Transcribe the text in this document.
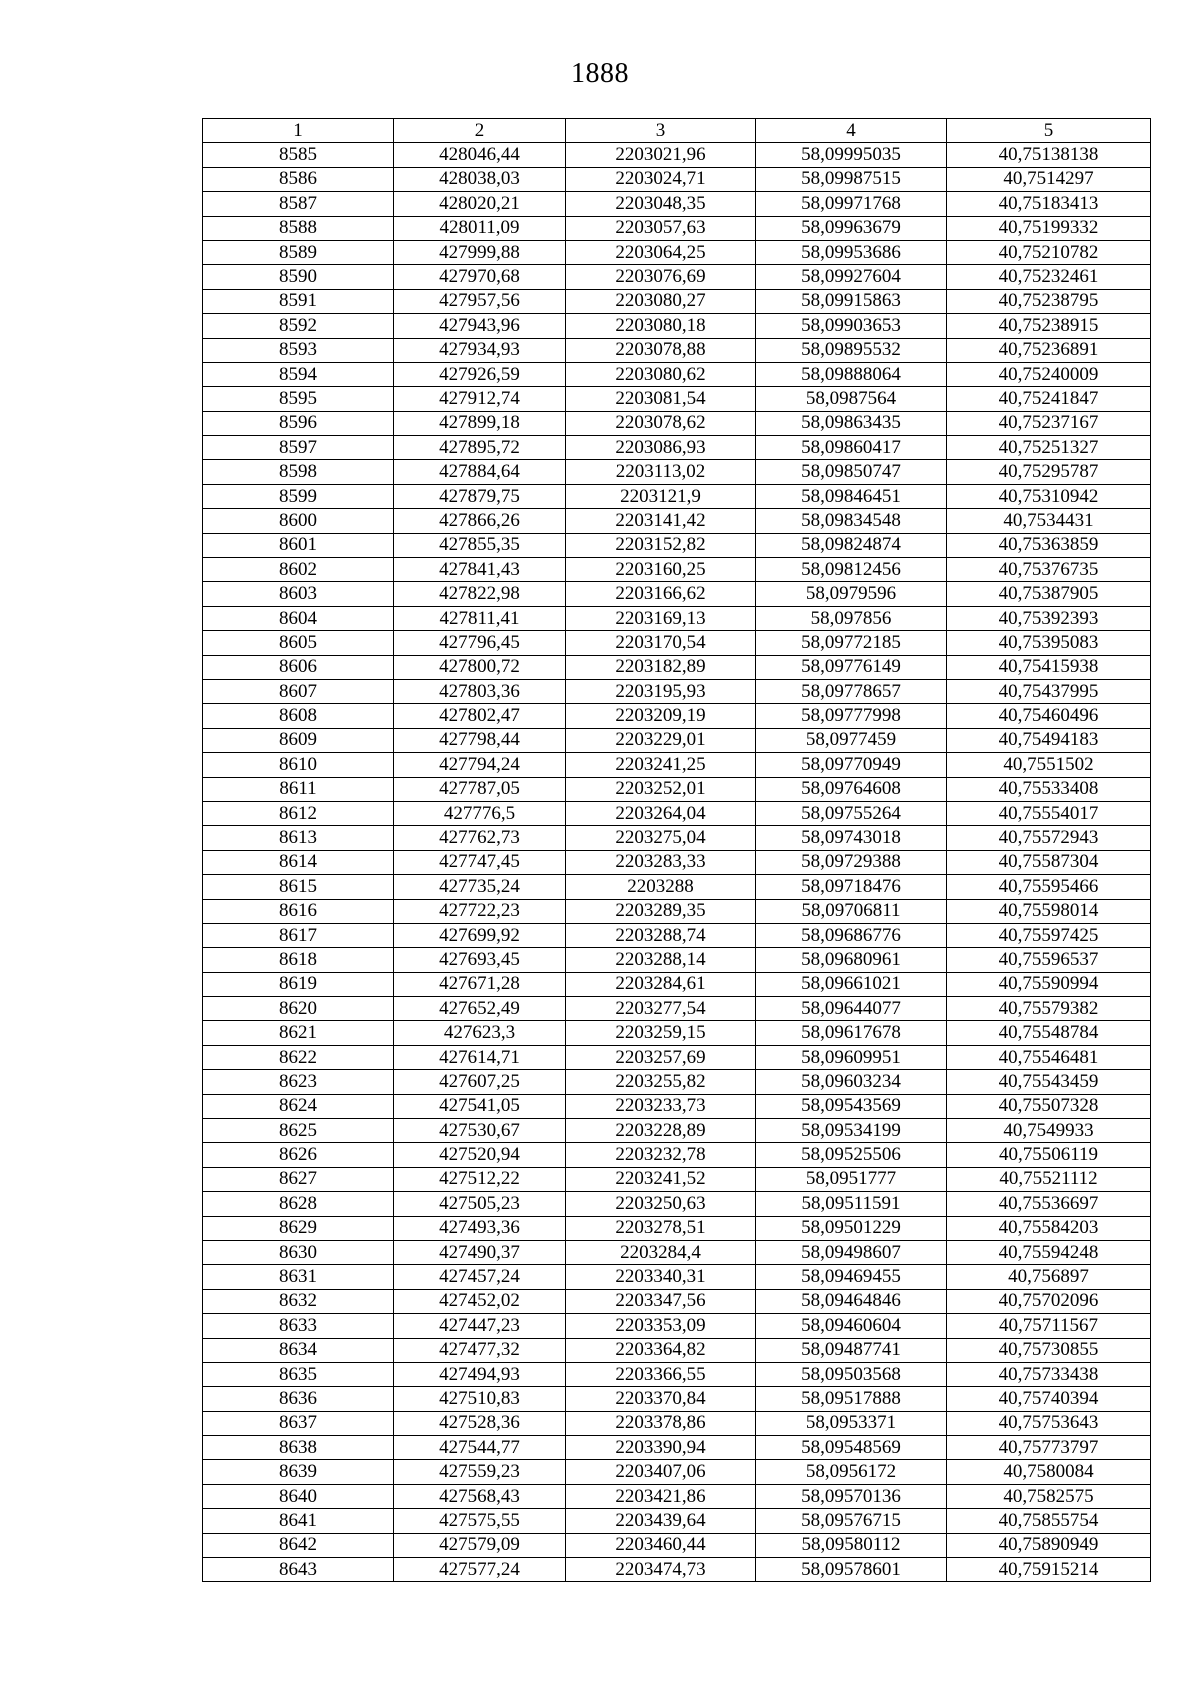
1888
1	2	3	4	5
8585	428046,44	2203021,96	58,09995035	40,75138138
8586	428038,03	2203024,71	58,09987515	40,7514297
8587	428020,21	2203048,35	58,09971768	40,75183413
8588	428011,09	2203057,63	58,09963679	40,75199332
8589	427999,88	2203064,25	58,09953686	40,75210782
8590	427970,68	2203076,69	58,09927604	40,75232461
8591	427957,56	2203080,27	58,09915863	40,75238795
8592	427943,96	2203080,18	58,09903653	40,75238915
8593	427934,93	2203078,88	58,09895532	40,75236891
8594	427926,59	2203080,62	58,09888064	40,75240009
8595	427912,74	2203081,54	58,0987564	40,75241847
8596	427899,18	2203078,62	58,09863435	40,75237167
8597	427895,72	2203086,93	58,09860417	40,75251327
8598	427884,64	2203113,02	58,09850747	40,75295787
8599	427879,75	2203121,9	58,09846451	40,75310942
8600	427866,26	2203141,42	58,09834548	40,7534431
8601	427855,35	2203152,82	58,09824874	40,75363859
8602	427841,43	2203160,25	58,09812456	40,75376735
8603	427822,98	2203166,62	58,0979596	40,75387905
8604	427811,41	2203169,13	58,097856	40,75392393
8605	427796,45	2203170,54	58,09772185	40,75395083
8606	427800,72	2203182,89	58,09776149	40,75415938
8607	427803,36	2203195,93	58,09778657	40,75437995
8608	427802,47	2203209,19	58,09777998	40,75460496
8609	427798,44	2203229,01	58,0977459	40,75494183
8610	427794,24	2203241,25	58,09770949	40,7551502
8611	427787,05	2203252,01	58,09764608	40,75533408
8612	427776,5	2203264,04	58,09755264	40,75554017
8613	427762,73	2203275,04	58,09743018	40,75572943
8614	427747,45	2203283,33	58,09729388	40,75587304
8615	427735,24	2203288	58,09718476	40,75595466
8616	427722,23	2203289,35	58,09706811	40,75598014
8617	427699,92	2203288,74	58,09686776	40,75597425
8618	427693,45	2203288,14	58,09680961	40,75596537
8619	427671,28	2203284,61	58,09661021	40,75590994
8620	427652,49	2203277,54	58,09644077	40,75579382
8621	427623,3	2203259,15	58,09617678	40,75548784
8622	427614,71	2203257,69	58,09609951	40,75546481
8623	427607,25	2203255,82	58,09603234	40,75543459
8624	427541,05	2203233,73	58,09543569	40,75507328
8625	427530,67	2203228,89	58,09534199	40,7549933
8626	427520,94	2203232,78	58,09525506	40,75506119
8627	427512,22	2203241,52	58,0951777	40,75521112
8628	427505,23	2203250,63	58,09511591	40,75536697
8629	427493,36	2203278,51	58,09501229	40,75584203
8630	427490,37	2203284,4	58,09498607	40,75594248
8631	427457,24	2203340,31	58,09469455	40,756897
8632	427452,02	2203347,56	58,09464846	40,75702096
8633	427447,23	2203353,09	58,09460604	40,75711567
8634	427477,32	2203364,82	58,09487741	40,75730855
8635	427494,93	2203366,55	58,09503568	40,75733438
8636	427510,83	2203370,84	58,09517888	40,75740394
8637	427528,36	2203378,86	58,0953371	40,75753643
8638	427544,77	2203390,94	58,09548569	40,75773797
8639	427559,23	2203407,06	58,0956172	40,7580084
8640	427568,43	2203421,86	58,09570136	40,7582575
8641	427575,55	2203439,64	58,09576715	40,75855754
8642	427579,09	2203460,44	58,09580112	40,75890949
8643	427577,24	2203474,73	58,09578601	40,75915214
